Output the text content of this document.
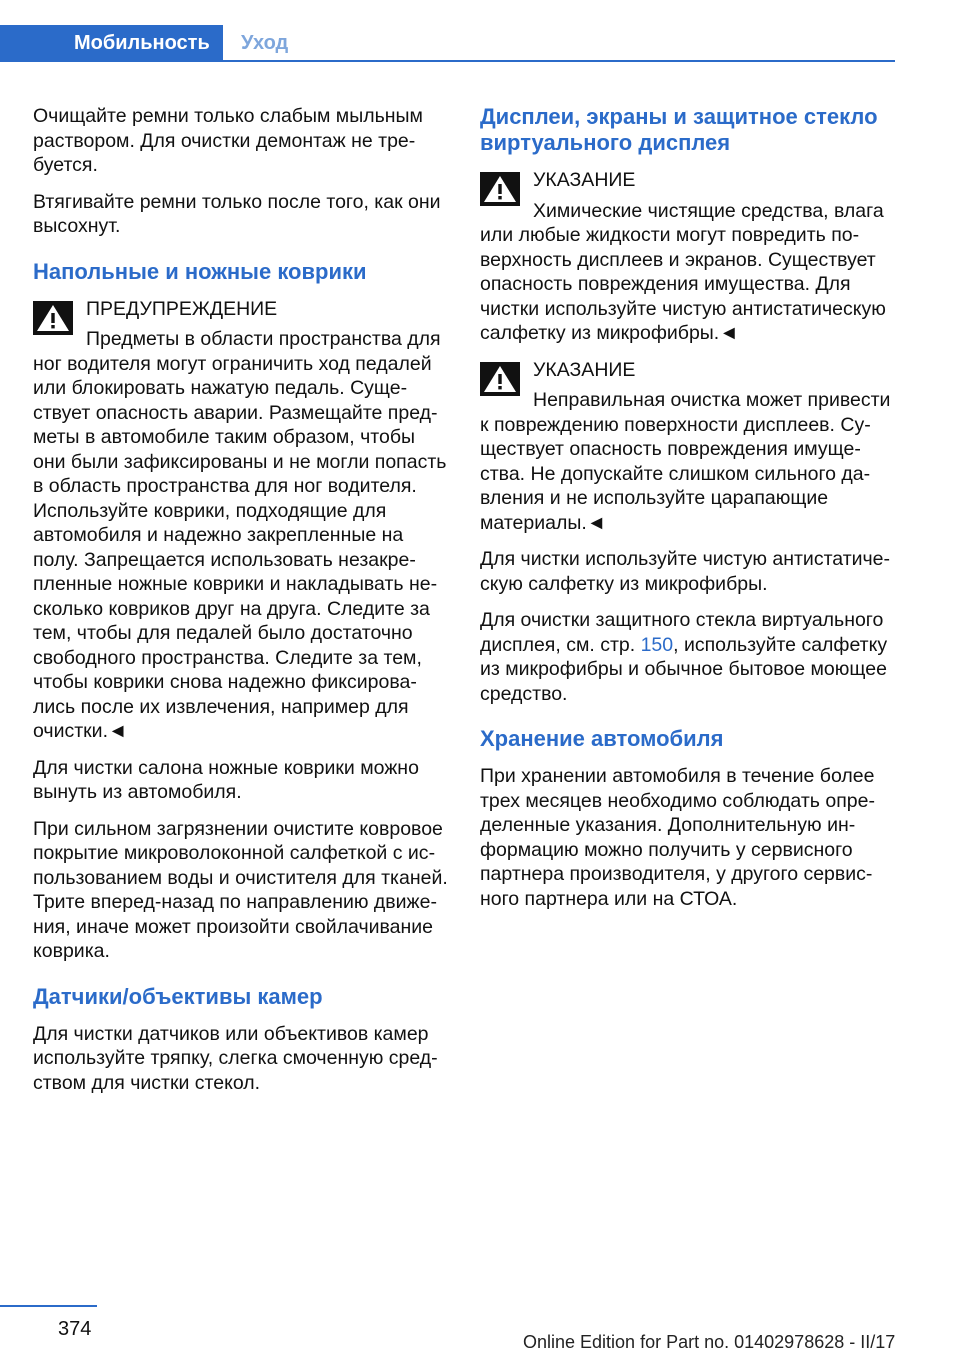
Мобильность	Уход

Очищайте ремни только слабым мыльным раствором. Для очистки демонтаж не требуется.

Втягивайте ремни только после того, как они высохнут.

Напольные и ножные коврики
ПРЕДУПРЕЖДЕНИЕ

Предметы в области пространства для ног водителя могут ограничить ход педалей или блокировать нажатую педаль. Существует опасность аварии. Размещайте предметы в автомобиле таким образом, чтобы они были зафиксированы и не могли попасть в область пространства для ног водителя. Используйте коврики, подходящие для автомобиля и надежно закрепленные на полу. Запрещается использовать незакрепленные ножные коврики и накладывать несколько ковриков друг на друга. Следите за тем, чтобы для педалей было достаточно свободного пространства. Следите за тем, чтобы коврики снова надежно фиксировались после их извлечения, например для очистки.◄

Для чистки салона ножные коврики можно вынуть из автомобиля.

При сильном загрязнении очистите ковровое покрытие микроволоконной салфеткой с использованием воды и очистителя для тканей. Трите вперед-назад по направлению движения, иначе может произойти свойлачивание коврика.

Датчики/объективы камер

Для чистки датчиков или объективов камер используйте тряпку, слегка смоченную средством для чистки стекол.

Дисплеи, экраны и защитное стекло виртуального дисплея
УКАЗАНИЕ

Химические чистящие средства, влага или любые жидкости могут повредить поверхность дисплеев и экранов. Существует опасность повреждения имущества. Для чистки используйте чистую антистатическую салфетку из микрофибры.◄

УКАЗАНИЕ

Неправильная очистка может привести к повреждению поверхности дисплеев. Существует опасность повреждения имущества. Не допускайте слишком сильного давления и не используйте царапающие материалы.◄

Для чистки используйте чистую антистатическую салфетку из микрофибры.

Для очистки защитного стекла виртуального дисплея, см. стр. 150, используйте салфетку из микрофибры и обычное бытовое моющее средство.

Хранение автомобиля

При хранении автомобиля в течение более трех месяцев необходимо соблюдать определенные указания. Дополнительную информацию можно получить у сервисного партнера производителя, у другого сервисного партнера или на СТОА.

374
Online Edition for Part no. 01402978628 - II/17
